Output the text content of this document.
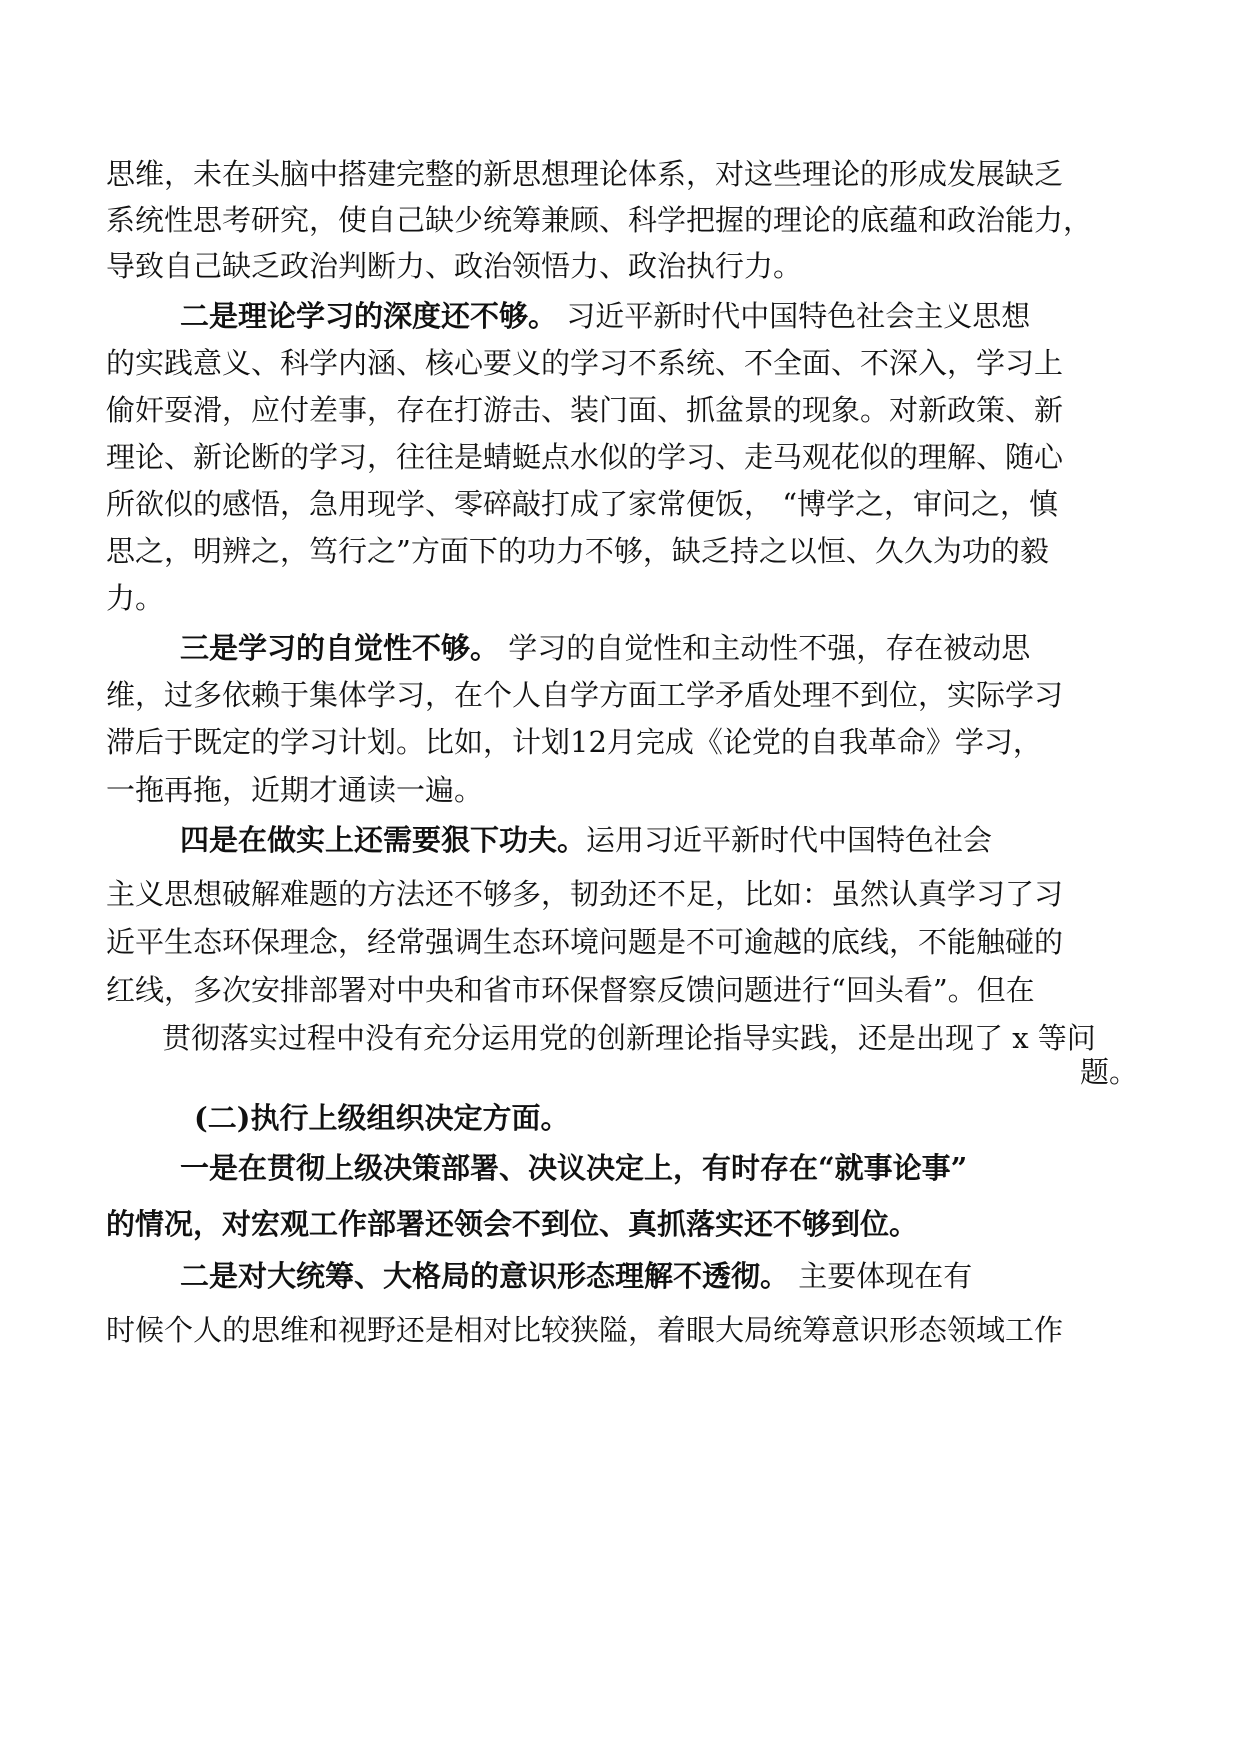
思维，未在头脑中搭建完整的新思想理论体系，对这些理论的形成发展缺乏
系统性思考研究，使自己缺少统筹兼顾、科学把握的理论的底蕴和政治能力，
导致自己缺乏政治判断力、政治领悟力、政治执行力。
二是理论学习的深度还不够。 习近平新时代中国特色社会主义思想
的实践意义、科学内涵、核心要义的学习不系统、不全面、不深入，学习上
偷奸耍滑，应付差事，存在打游击、装门面、抓盆景的现象。对新政策、新
理论、新论断的学习，往往是蜻蜓点水似的学习、走马观花似的理解、随心
所欲似的感悟，急用现学、零碎敲打成了家常便饭， “博学之，审问之，慎
思之，明辨之，笃行之”方面下的功力不够，缺乏持之以恒、久久为功的毅
力。
三是学习的自觉性不够。 学习的自觉性和主动性不强，存在被动思
维，过多依赖于集体学习，在个人自学方面工学矛盾处理不到位，实际学习
滞后于既定的学习计划。比如，计划12月完成《论党的自我革命》学习，
一拖再拖，近期才通读一遍。
四是在做实上还需要狠下功夫。运用习近平新时代中国特色社会
主义思想破解难题的方法还不够多，韧劲还不足，比如：虽然认真学习了习
近平生态环保理念，经常强调生态环境问题是不可逾越的底线，不能触碰的
红线，多次安排部署对中央和省市环保督察反馈问题进行“回头看”。但在
贯彻落实过程中没有充分运用党的创新理论指导实践，还是出现了 x 等问
题。
(二)执行上级组织决定方面。
一是在贯彻上级决策部署、决议决定上，有时存在“就事论事”
的情况，对宏观工作部署还领会不到位、真抓落实还不够到位。
二是对大统筹、大格局的意识形态理解不透彻。 主要体现在有
时候个人的思维和视野还是相对比较狭隘，着眼大局统筹意识形态领域工作
